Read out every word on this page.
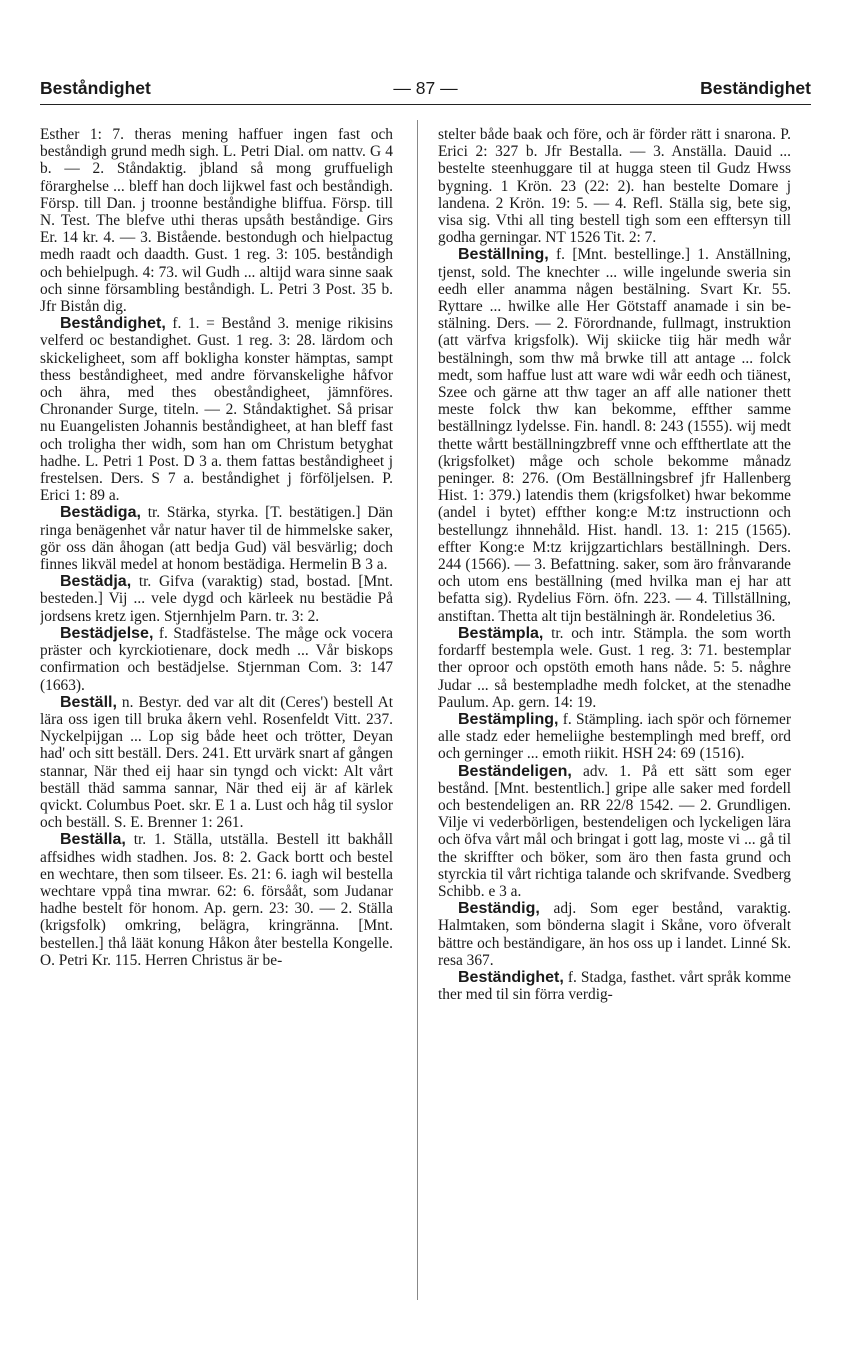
Beståndighet	— 87 —	Beständighet

Esther 1: 7. theras mening haffuer ingen fast och beståndigh grund medh sigh. L. Petri Dial. om nattv. G 4 b. — 2. Ståndaktig. jbland så mong gruffueligh förarghelse ... bleff han doch lijkwel fast och beståndigh. Försp. till Dan. j troonne beståndighe bliffua. Försp. till N. Test. The blefve uthi theras upsåth beståndige. Girs Er. 14 kr. 4. — 3. Bistående. bestondugh och hielpactug medh raadt och daadth. Gust. 1 reg. 3: 105. beståndigh och behielpugh. 4: 73. wil Gudh ... altijd wara sinne saak och sinne försambling beståndigh. L. Petri 3 Post. 35 b. Jfr Bistån dig.

Beståndighet, f. 1. = Bestånd 3. menige rikisins velferd oc bestandighet. Gust. 1 reg. 3: 28. lärdom och skickeligheet, som aff bokligha konster hämptas, sampt thess beståndigheet, med andre förvanskelighe håfvor och ähra, med thes obeståndigheet, jämnföres. Chronander Surge, titeln. — 2. Ståndaktighet. Så prisar nu Euangelisten Johannis beståndigheet, at han bleff fast och troligha ther widh, som han om Christum betyghat hadhe. L. Petri 1 Post. D 3 a. them fattas beståndigheet j frestelsen. Ders. S 7 a. beståndighet j förföljelsen. P. Erici 1: 89 a.

Bestädiga, tr. Stärka, styrka. [T. bestätigen.] Dän ringa benägenhet vår natur haver til de himmelske saker, gör oss dän åhogan (att bedja Gud) väl besvärlig; doch finnes likväl medel at honom bestädiga. Hermelin B 3 a.

Bestädja, tr. Gifva (varaktig) stad, bostad. [Mnt. besteden.] Vij ... vele dygd och kärleek nu bestädie På jordsens kretz igen. Stjernhjelm Parn. tr. 3: 2.

Bestädjelse, f. Stadfästelse. The måge ock vocera präster och kyrckiotienare, dock medh ... Vår biskops confirmation och bestädjelse. Stjernman Com. 3: 147 (1663).

Beställ, n. Bestyr. ded var alt dit (Ceres') bestell At lära oss igen till bruka åkern vehl. Rosenfeldt Vitt. 237. Nyckelpijgan ... Lop sig både heet och trötter, Deyan had' och sitt beställ. Ders. 241. Ett urvärk snart af gången stannar, När thed eij haar sin tyngd och vickt: Alt vårt beställ thäd samma sannar, När thed eij är af kärlek qvickt. Columbus Poet. skr. E 1 a. Lust och håg til syslor och beställ. S. E. Brenner 1: 261.

Beställa, tr. 1. Ställa, utställa. Bestell itt bakhåll affsidhes widh stadhen. Jos. 8: 2. Gack bortt och bestel en wechtare, then som tilseer. Es. 21: 6. iagh wil bestella wechtare vppå tina mwrar. 62: 6. försååt, som Judanar hadhe bestelt för honom. Ap. gern. 23: 30. — 2. Ställa (krigsfolk) omkring, belägra, kringränna. [Mnt. bestellen.] thå läät konung Håkon åter bestella Kongelle. O. Petri Kr. 115. Herren Christus är be-

stelter både baak och före, och är förder rätt i snarona. P. Erici 2: 327 b. Jfr Bestalla. — 3. Anställa. Dauid ... bestelte steenhuggare til at hugga steen til Gudz Hwss bygning. 1 Krön. 23 (22: 2). han bestelte Domare j landena. 2 Krön. 19: 5. — 4. Refl. Ställa sig, bete sig, visa sig. Vthi all ting bestell tigh som een efftersyn till godha gerningar. NT 1526 Tit. 2: 7.

Beställning, f. [Mnt. bestellinge.] 1. Anställning, tjenst, sold. The knechter ... wille ingelunde sweria sin eedh eller anamma någen bestälning. Svart Kr. 55. Ryttare ... hwilke alle Her Götstaff anamade i sin bestälning. Ders. — 2. Förordnande, fullmagt, instruktion (att värfva krigsfolk). Wij skiicke tiig här medh wår bestälningh, som thw må brwke till att antage ... folck medt, som haffue lust att ware wdi wår eedh och tiänest, Szee och gärne att thw tager an aff alle nationer thett meste folck thw kan bekomme, effther samme beställningz lydelsse. Fin. handl. 8: 243 (1555). wij medt thette wårtt beställningzbreff vnne och effthertlate att the (krigsfolket) måge och schole bekomme månadz peninger. 8: 276. (Om Beställningsbref jfr Hallenberg Hist. 1: 379.) latendis them (krigsfolket) hwar bekomme (andel i bytet) effther kong:e M:tz instructionn och bestellungz ihnnehåld. Hist. handl. 13. 1: 215 (1565). effter Kong:e M:tz krijgzartichlars beställningh. Ders. 244 (1566). — 3. Befattning. saker, som äro frånvarande och utom ens beställning (med hvilka man ej har att befatta sig). Rydelius Förn. öfn. 223. — 4. Tillställning, anstiftan. Thetta alt tijn bestälningh är. Rondeletius 36.

Bestämpla, tr. och intr. Stämpla. the som worth fordarff bestempla wele. Gust. 1 reg. 3: 71. bestemplar ther oproor och opstöth emoth hans nåde. 5: 5. någhre Judar ... så bestempladhe medh folcket, at the stenadhe Paulum. Ap. gern. 14: 19.

Bestämpling, f. Stämpling. iach spör och förnemer alle stadz eder hemeliighe bestemplingh med breff, ord och gerninger ... emoth riikit. HSH 24: 69 (1516).

Beständeligen, adv. 1. På ett sätt som eger bestånd. [Mnt. bestentlich.] gripe alle saker med fordell och bestendeligen an. RR 22/8 1542. — 2. Grundligen. Vilje vi vederbörligen, bestendeligen och lyckeligen lära och öfva vårt mål och bringat i gott lag, moste vi ... gå til the skriffter och böker, som äro then fasta grund och styrckia til vårt richtiga talande och skrifvande. Svedberg Schibb. e 3 a.

Beständig, adj. Som eger bestånd, varaktig. Halmtaken, som bönderna slagit i Skåne, voro öfveralt bättre och beständigare, än hos oss up i landet. Linné Sk. resa 367.

Beständighet, f. Stadga, fasthet. vårt språk komme ther med til sin förra verdig-
